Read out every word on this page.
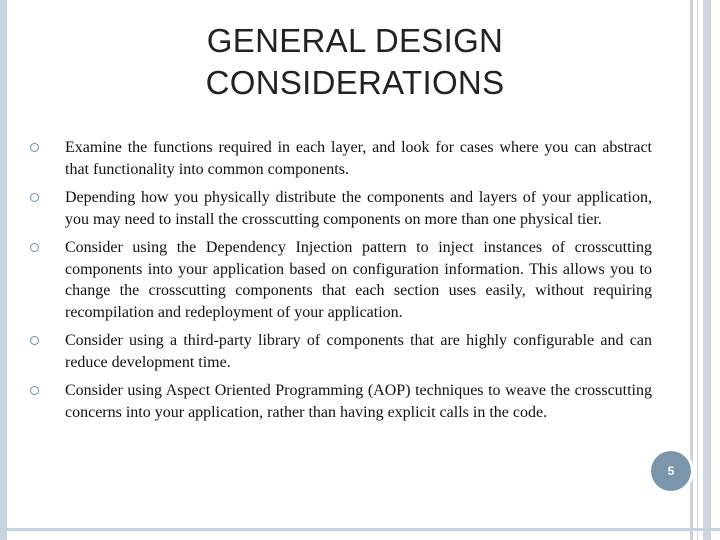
GENERAL DESIGN
CONSIDERATIONS
Examine the functions required in each layer, and look for cases where you can abstract that functionality into common components.
Depending how you physically distribute the components and layers of your application, you may need to install the crosscutting components on more than one physical tier.
Consider using the Dependency Injection pattern to inject instances of crosscutting components into your application based on configuration information. This allows you to change the crosscutting components that each section uses easily, without requiring recompilation and redeployment of your application.
Consider using a third-party library of components that are highly configurable and can reduce development time.
Consider using Aspect Oriented Programming (AOP) techniques to weave the crosscutting concerns into your application, rather than having explicit calls in the code.
5
